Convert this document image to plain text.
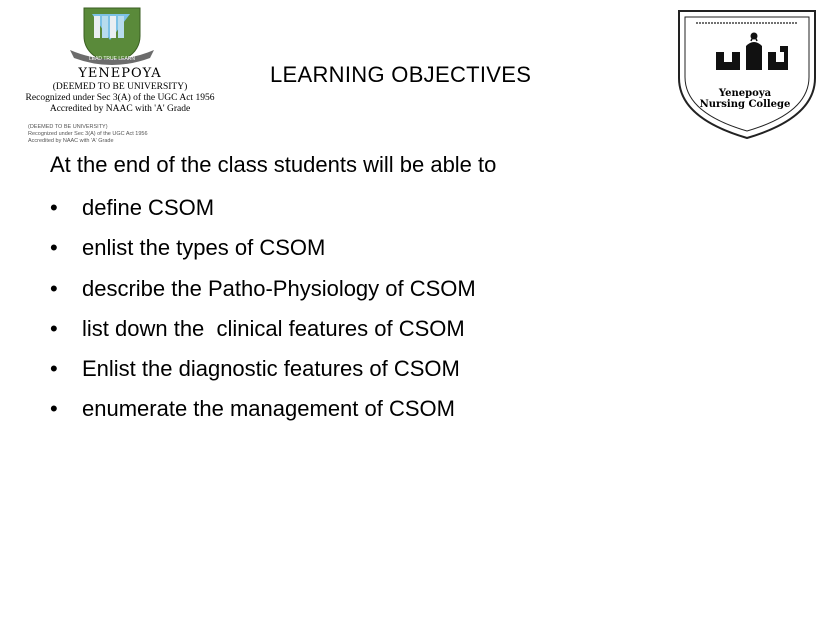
LEAD TRUE LEARN
YENEPOYA
(DEEMED TO BE UNIVERSITY)
Recognized under Sec 3(A) of the UGC Act 1956
Accredited by NAAC with 'A' Grade
(DEEMED TO BE UNIVERSITY)
Recognized under Sec 3(A) of the UGC Act 1956
Accredited by NAAC with 'A' Grade
LEARNING OBJECTIVES
Yenepoya
Nursing College
At the end of the class students will be able to

•

	define CSOM

•

	enlist the types of CSOM

•

	describe the Patho-Physiology of CSOM

•

	list down the  clinical features of CSOM

•

	Enlist the diagnostic features of CSOM

•

	enumerate the management of CSOM
